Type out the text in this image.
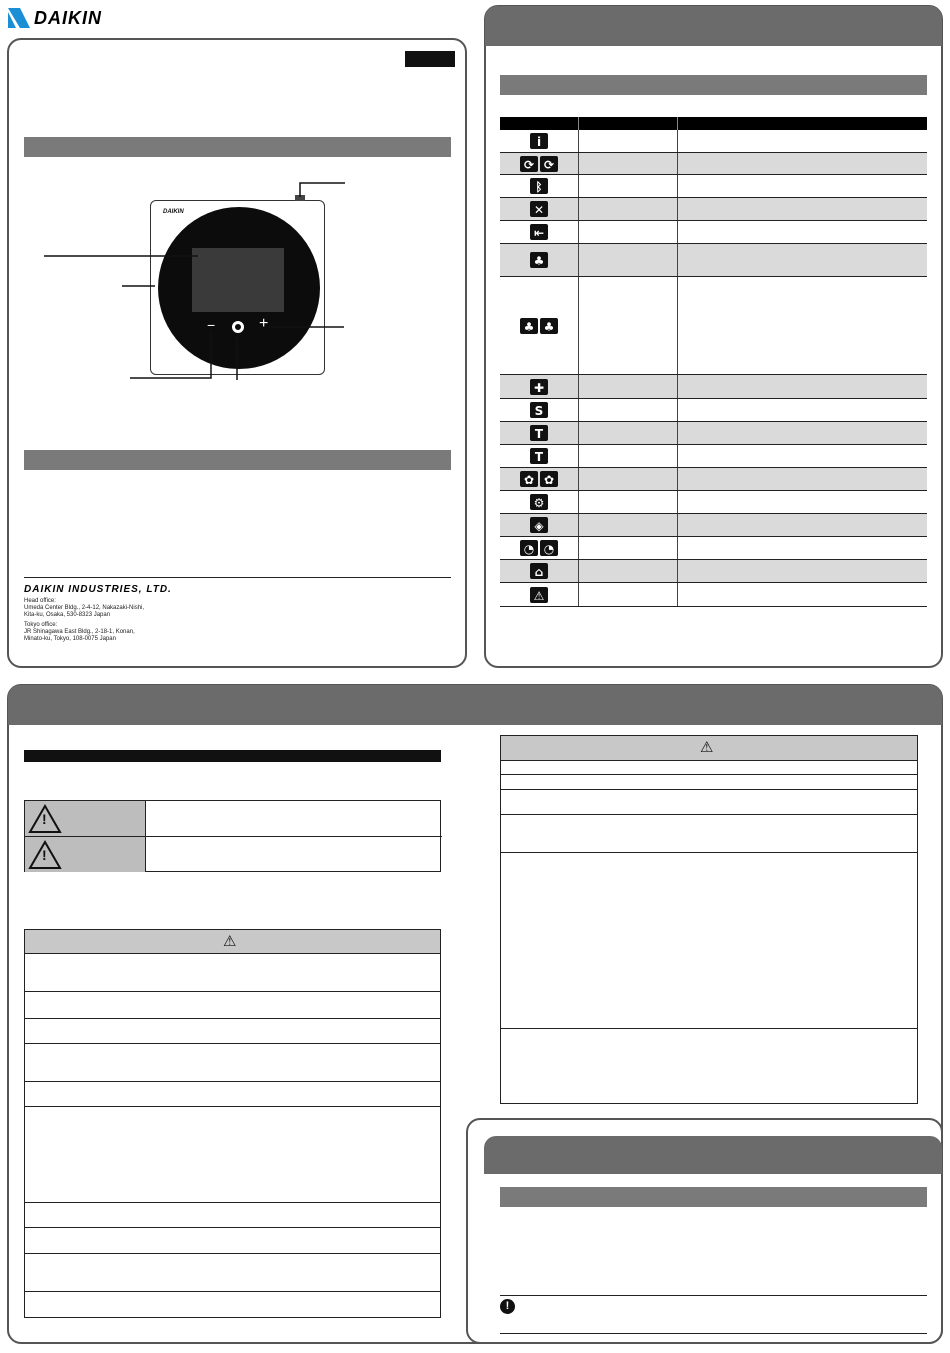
DAIKIN
DAIKIN
−	+
DAIKIN INDUSTRIES, LTD.
Head office:
Umeda Center Bldg., 2-4-12, Nakazaki-Nishi,
Kita-ku, Osaka, 530-8323 Japan
Tokyo office:
JR Shinagawa East Bldg., 2-18-1, Konan,
Minato-ku, Tokyo, 108-0075 Japan
i
⟳ ⟳
ᛒ
✕
⇤
♣
♣ ♣
✚
S
T
T
✿ ✿
⚙
◈
◔ ◔
⌂
⚠
!
!
⚠
⚠
!
